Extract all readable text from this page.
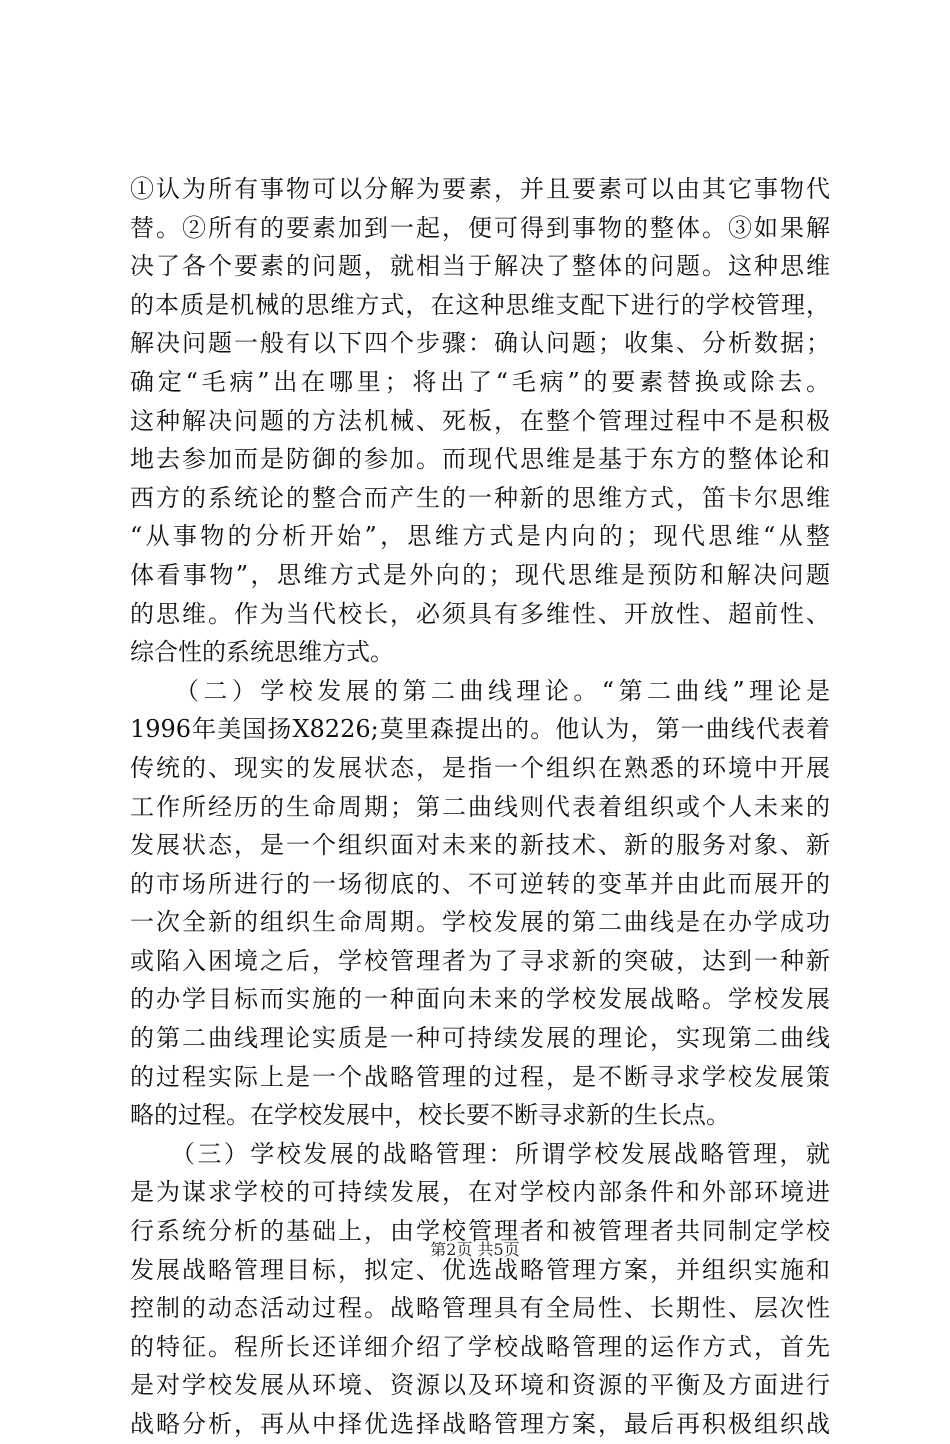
①认为所有事物可以分解为要素，并且要素可以由其它事物代
替。②所有的要素加到一起，便可得到事物的整体。③如果解
决了各个要素的问题，就相当于解决了整体的问题。这种思维
的本质是机械的思维方式，在这种思维支配下进行的学校管理，
解决问题一般有以下四个步骤：确认问题；收集、分析数据；
确定“毛病”出在哪里；将出了“毛病”的要素替换或除去。
这种解决问题的方法机械、死板，在整个管理过程中不是积极
地去参加而是防御的参加。而现代思维是基于东方的整体论和
西方的系统论的整合而产生的一种新的思维方式，笛卡尔思维
“从事物的分析开始”，思维方式是内向的；现代思维“从整
体看事物”，思维方式是外向的；现代思维是预防和解决问题
的思维。作为当代校长，必须具有多维性、开放性、超前性、
综合性的系统思维方式。
　　（二）学校发展的第二曲线理论。“第二曲线”理论是
1996年美国扬X8226;莫里森提出的。他认为，第一曲线代表着
传统的、现实的发展状态，是指一个组织在熟悉的环境中开展
工作所经历的生命周期；第二曲线则代表着组织或个人未来的
发展状态，是一个组织面对未来的新技术、新的服务对象、新
的市场所进行的一场彻底的、不可逆转的变革并由此而展开的
一次全新的组织生命周期。学校发展的第二曲线是在办学成功
或陷入困境之后，学校管理者为了寻求新的突破，达到一种新
的办学目标而实施的一种面向未来的学校发展战略。学校发展
的第二曲线理论实质是一种可持续发展的理论，实现第二曲线
的过程实际上是一个战略管理的过程，是不断寻求学校发展策
略的过程。在学校发展中，校长要不断寻求新的生长点。
　　（三）学校发展的战略管理：所谓学校发展战略管理，就
是为谋求学校的可持续发展，在对学校内部条件和外部环境进
行系统分析的基础上，由学校管理者和被管理者共同制定学校
发展战略管理目标，拟定、优选战略管理方案，并组织实施和
控制的动态活动过程。战略管理具有全局性、长期性、层次性
的特征。程所长还详细介绍了学校战略管理的运作方式，首先
是对学校发展从环境、资源以及环境和资源的平衡及方面进行
战略分析，再从中择优选择战略管理方案，最后再积极组织战
第2页 共5页
